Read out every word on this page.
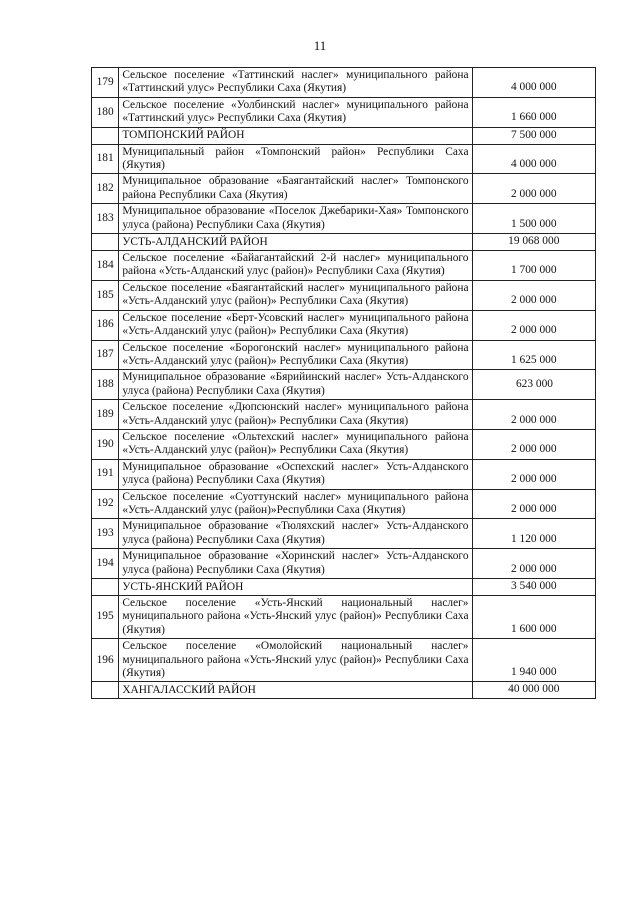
11
179	Сельское поселение «Таттинский наслег» муниципального района «Таттинский улус» Республики Саха (Якутия)	4 000 000
180	Сельское поселение «Уолбинский наслег» муниципального района «Таттинский улус» Республики Саха (Якутия)	1 660 000
	ТОМПОНСКИЙ РАЙОН	7 500 000
181	Муниципальный район «Томпонский район» Республики Саха (Якутия)	4 000 000
182	Муниципальное образование «Баягантайский наслег» Томпонского района Республики Саха (Якутия)	2 000 000
183	Муниципальное образование «Поселок Джебарики-Хая» Томпонского улуса (района) Республики Саха (Якутия)	1 500 000
	УСТЬ-АЛДАНСКИЙ РАЙОН	19 068 000
184	Сельское поселение «Байагантайский 2-й наслег» муниципального района «Усть-Алданский улус (район)» Республики Саха (Якутия)	1 700 000
185	Сельское поселение «Баягантайский наслег» муниципального района «Усть-Алданский улус (район)» Республики Саха (Якутия)	2 000 000
186	Сельское поселение «Берт-Усовский наслег» муниципального района «Усть-Алданский улус (район)» Республики Саха (Якутия)	2 000 000
187	Сельское поселение «Борогонский наслег» муниципального района «Усть-Алданский улус (район)» Республики Саха (Якутия)	1 625 000
188	Муниципальное образование «Бярийинский наслег» Усть-Алданского улуса (района) Республики Саха (Якутия)	623 000
189	Сельское поселение «Дюпсюнский наслег» муниципального района «Усть-Алданский улус (район)» Республики Саха (Якутия)	2 000 000
190	Сельское поселение «Ольтехский наслег» муниципального района «Усть-Алданский улус (район)» Республики Саха (Якутия)	2 000 000
191	Муниципальное образование «Оспехский наслег» Усть-Алданского улуса (района) Республики Саха (Якутия)	2 000 000
192	Сельское поселение «Суоттунский наслег» муниципального района «Усть-Алданский улус (район)»Республики Саха (Якутия)	2 000 000
193	Муниципальное образование «Тюляхский наслег» Усть-Алданского улуса (района) Республики Саха (Якутия)	1 120 000
194	Муниципальное образование «Хоринский наслег» Усть-Алданского улуса (района) Республики Саха (Якутия)	2 000 000
	УСТЬ-ЯНСКИЙ РАЙОН	3 540 000
195	Сельское поселение «Усть-Янский национальный наслег» муниципального района «Усть-Янский улус (район)» Республики Саха (Якутия)	1 600 000
196	Сельское поселение «Омолойский национальный наслег» муниципального района «Усть-Янский улус (район)» Республики Саха (Якутия)	1 940 000
	ХАНГАЛАССКИЙ РАЙОН	40 000 000
